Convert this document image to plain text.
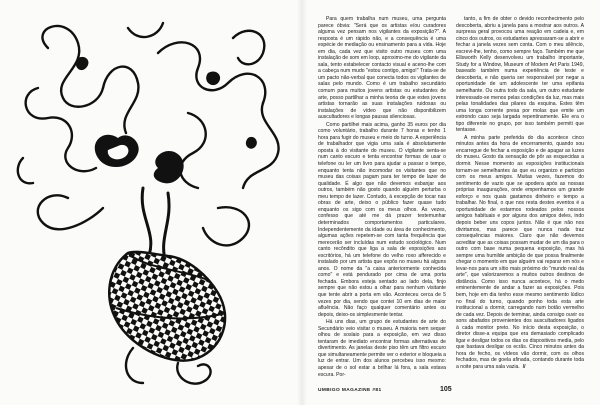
Para quem trabalha num museu, uma pergunta parece óbvia: "Será que os artistas e/ou curadores alguma vez pensam nos vigilantes da exposição?". A resposta é um rápido não, e a consequência é uma espécie de mediação ou ensinamento para a vida. Hoje em dia, cada vez que visito outro museu com uma instalação de som em loop, aproximo-me do vigilante da sala, tento estabelecer contacto visual e aceno-lhe com a cabeça num mudo "estou contigo, amigo!" Trata-se de um pacto não-verbal que conecta todos os vigilantes de salas pelo mundo. Como é um trabalho secundário comum para muitos jovens artistas ou estudantes de arte, posso partilhar a minha teoria de que estes jovens artistas tornarão as suas instalações ruidosas ou instalações de vídeo que não disponibilizem auscultadores e longas pausas silenciosas.

Como partilhei mais acima, ganho 35 euros por dia como voluntário, trabalho durante 7 horas e tenho 1 hora para fugir do museu e meio do turno. A experiência de trabalhador que vigia uma sala é absolutamente oposta à do visitante do museu. O vigilante senta-se num canto escuro e tenta encontrar formas de usar o telefone ou ler um livro para ajudar a passar o tempo, enquanto tenta não incomodar os visitantes que no museu das coisas pagam para ter tempo de lazer de qualidade. É algo que não devemos esbanjar aos outros, também não gosto quando alguém perturba o meu tempo de lazer. Contudo, à excepção de tocar nas obras de arte, deixo o público fazer quase tudo enquanto os sigo com os meus olhos. Às vezes, confesso que até me dá prazer testemunhar determinados comportamentos particulares. Independentemente da idade ou área de conhecimento, algumas ações repetem-se com tanta frequência que merecerão ser incluídas num estudo sociológico. Num canto recôndito que liga a sala de exposições aos escritórios, há um telefone do velho roxo afferecido e instalado por um artista que expôs no museu há alguns anos. O nome da "a caixa anteriormente conhecida como" e está pendurado por cima de uma porta fechada. Embora esteja sentado ao lado dela, finjo sempre que não estou a olhar para nenhum visitante que tente abrir a porta em vão. Aconteceu cerca de 5 vezes por dia, sendo que contei 10 em dias de maior afluência. Não faço qualquer comentário antes ou depois, deixo-os simplesmente tentar.

Há uns dias, um grupo de estudantes de arte do Secundário veio visitar o museu. A maioria nem sequer olhou de soslaio para a exposição, em vez disso tentaram de imediato encontrar formas alternativas de divertimento. As janelas deste piso têm um filtro escuro que simultaneamente permite ver o exterior e bloqueia a luz de entrar. Um dos alunos percebeu isso mesmo: apesar de o sol estar a brilhar lá fora, a sala estava escura. Por-

tanto, a fim de obter o devido reconhecimento pelo descoberta, abriu a janela para a mostrar aos outros. A surpresa geral provocou uma reação em cadeia e, em cinco dos outros, os estudantes apressaram-se a abrir e fechar a janela vezes sem conta. Com o meu silêncio, escrevi-lhe, tenho, como sempre faço. Também me que Ellsworth Kelly desenvolveu um trabalho importante, Study for a Window, Museum of Modern Art Paris 1949, baseado também numa experiência de teste e descoberta, e não queria ser responsável por negar a oportunidade de um adolescente ter uma epifania semelhante. Ou outra todo da sala, um outro estudante interessado-se menos pelas condições da luz, mas mais pelas tonalidades das pilares da esquina. Estes têm uma longa corrente presa por molas que emite um estrondo caso seja largada repentinamente. Ele era o tipo diferente no grupo, por isso também permiti que tentasse.

A minha parte preferida do dia acontece cinco minutos antes da hora de encerramento, quando sou encarregue de fechar a exposição e de apagar as luzes do museu. Gosto da sensação de pôr as esquecidas a dormir. Nesse momento as exposições institucionais tornam-se semelhantes às que eu organizo e participo com os meus amigos. Muitas vezes, fazemos do sentimento de vazio que se apodera após as nossas próprias inaugurações, onde empenhamos um grande esforço e nos quais gastamos dinheiro e tempo a trabalhar. No final, o que nos resta destes eventos é a oportunidade de estarmos rodeados pelos nossos amigos habituais e por alguns dos amigos deles, indo depois beber uns copos juntos. Não é que não nos divirtamos, mas parece que nunca nada traz consequências maiores. Claro que não devemos acreditar que as coisas possam mudar de um dia para o outro com base numa pequena exposição, mas há sempre uma humilde ambição de que possa finalmente chegar o momento em que alguém vai reparar em nós e levar-nos para um sítio mais próximo do "mundo real da arte", que valorizaremos a muitos outros destinos de distância. Como isso nunca acontece, há o medo eminentemente de andar a fazer as exposições. Pois bem, hoje em dia tenho esse mesmo sentimento lúdico no final do turno, quando ponho toda esta arte institucional a dormir, carregando num botão vermelho de cada vez. Depois de terminar, ainda consigo ouvir os sons abafados provenientes dos auscultadores ligados à cada monitor preto. No início desta exposição, o diretor disse-a equipa que era demasiado complicado ligar e desligar todos os dias os dispositivos media, pelo que bastava desligar os ecrãs. Cinco minutos antes da hora de fecho, os vídeos vão dormir, com os olhos fechados, mas de goela afinada, contando durante toda a noite para uma sala vazia. //

UMBIGO MAGAZINE #81	105
